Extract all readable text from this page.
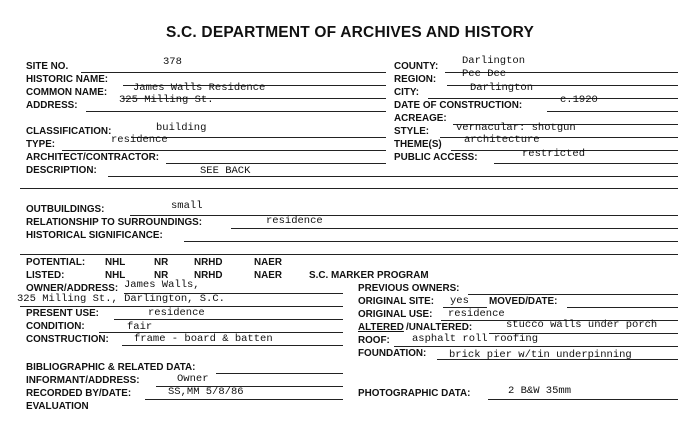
S.C. DEPARTMENT OF ARCHIVES AND HISTORY
SITE NO.	378
HISTORIC NAME:
COMMON NAME: James Walls Residence
ADDRESS:	325 Milling St.
CLASSIFICATION:	building
TYPE:	residence
ARCHITECT/CONTRACTOR:
DESCRIPTION:	SEE BACK
COUNTY: Darlington
REGION: Pee Dee
CITY:	Darlington
DATE OF CONSTRUCTION:	c.1920
ACREAGE:
STYLE:	vernacular: shotgun
THEME(S) architecture
PUBLIC ACCESS:	restricted
OUTBUILDINGS:	small
RELATIONSHIP TO SURROUNDINGS:	residence
HISTORICAL SIGNIFICANCE:
POTENTIAL: NHL	NR NRHD	NAER
LISTED:	NHL	NR NRHD	NAER	S.C. MARKER PROGRAM
OWNER/ADDRESS: James Walls,
325 Milling St., Darlington, S.C.
PRESENT USE:	residence
CONDITION:	fair
CONSTRUCTION: frame - board & batten
BIBLIOGRAPHIC & RELATED DATA:
INFORMANT/ADDRESS:	Owner
RECORDED BY/DATE:	SS,MM 5/8/86
EVALUATION
PREVIOUS OWNERS:
ORIGINAL SITE: yes MOVED/DATE:
ORIGINAL USE: residence
ALTERED /UNALTERED:	stucco walls under porch
ROOF: asphalt roll roofing
FOUNDATION: brick pier w/tin underpinning
PHOTOGRAPHIC DATA:	2 B&W 35mm
